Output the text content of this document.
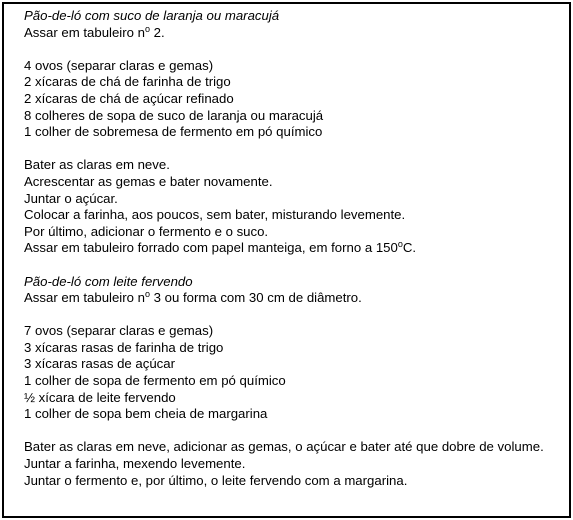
Pão-de-ló com suco de laranja ou maracujá
Assar em tabuleiro $n^o$ 2.
4 ovos (separar claras e gemas)
2 xícaras de chá de farinha de trigo
2 xícaras de chá de açúcar refinado
8 colheres de sopa de suco de laranja ou maracujá
1 colher de sobremesa de fermento em pó químico
Bater as claras em neve.
Acrescentar as gemas e bater novamente.
Juntar o açúcar.
Colocar a farinha, aos poucos, sem bater, misturando levemente.
Por último, adicionar o fermento e o suco.
Assar em tabuleiro forrado com papel manteiga, em forno a 150$^o$C.
Pão-de-ló com leite fervendo
Assar em tabuleiro $n^o$ 3 ou forma com 30 cm de diâmetro.
7 ovos (separar claras e gemas)
3 xícaras rasas de farinha de trigo
3 xícaras rasas de açúcar
1 colher de sopa de fermento em pó químico
½ xícara de leite fervendo
1 colher de sopa bem cheia de margarina
Bater as claras em neve, adicionar as gemas, o açúcar e bater até que dobre de volume.
Juntar a farinha, mexendo levemente.
Juntar o fermento e, por último, o leite fervendo com a margarina.
